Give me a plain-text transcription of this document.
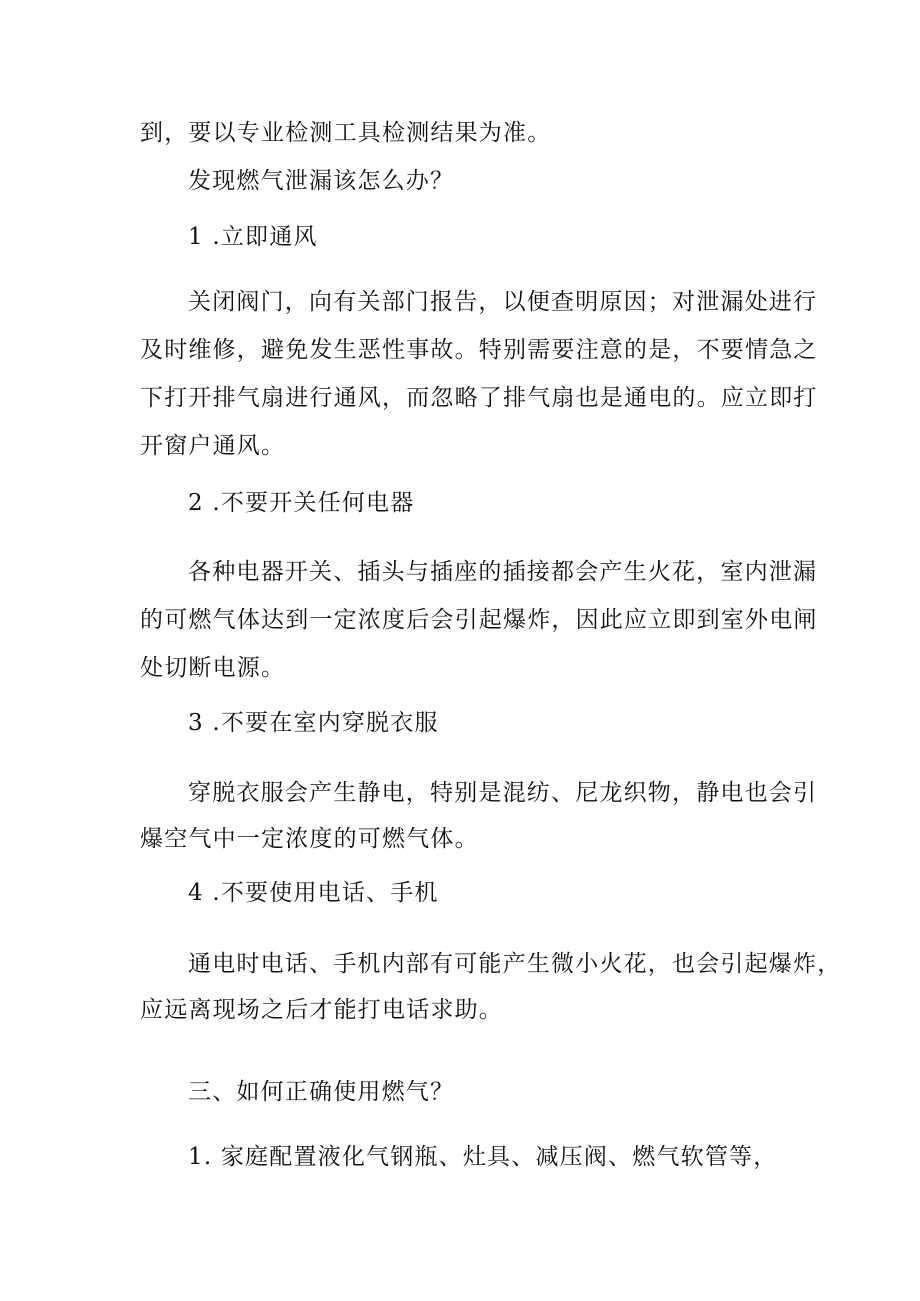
到，要以专业检测工具检测结果为准。
发现燃气泄漏该怎么办？
1 .立即通风
关闭阀门，向有关部门报告，以便查明原因；对泄漏处进行
及时维修，避免发生恶性事故。特别需要注意的是，不要情急之
下打开排气扇进行通风，而忽略了排气扇也是通电的。应立即打
开窗户通风。
2 .不要开关任何电器
各种电器开关、插头与插座的插接都会产生火花，室内泄漏
的可燃气体达到一定浓度后会引起爆炸，因此应立即到室外电闸
处切断电源。
3 .不要在室内穿脱衣服
穿脱衣服会产生静电，特别是混纺、尼龙织物，静电也会引
爆空气中一定浓度的可燃气体。
4 .不要使用电话、手机
通电时电话、手机内部有可能产生微小火花，也会引起爆炸，
应远离现场之后才能打电话求助。
三、如何正确使用燃气？
1. 家庭配置液化气钢瓶、灶具、减压阀、燃气软管等，
